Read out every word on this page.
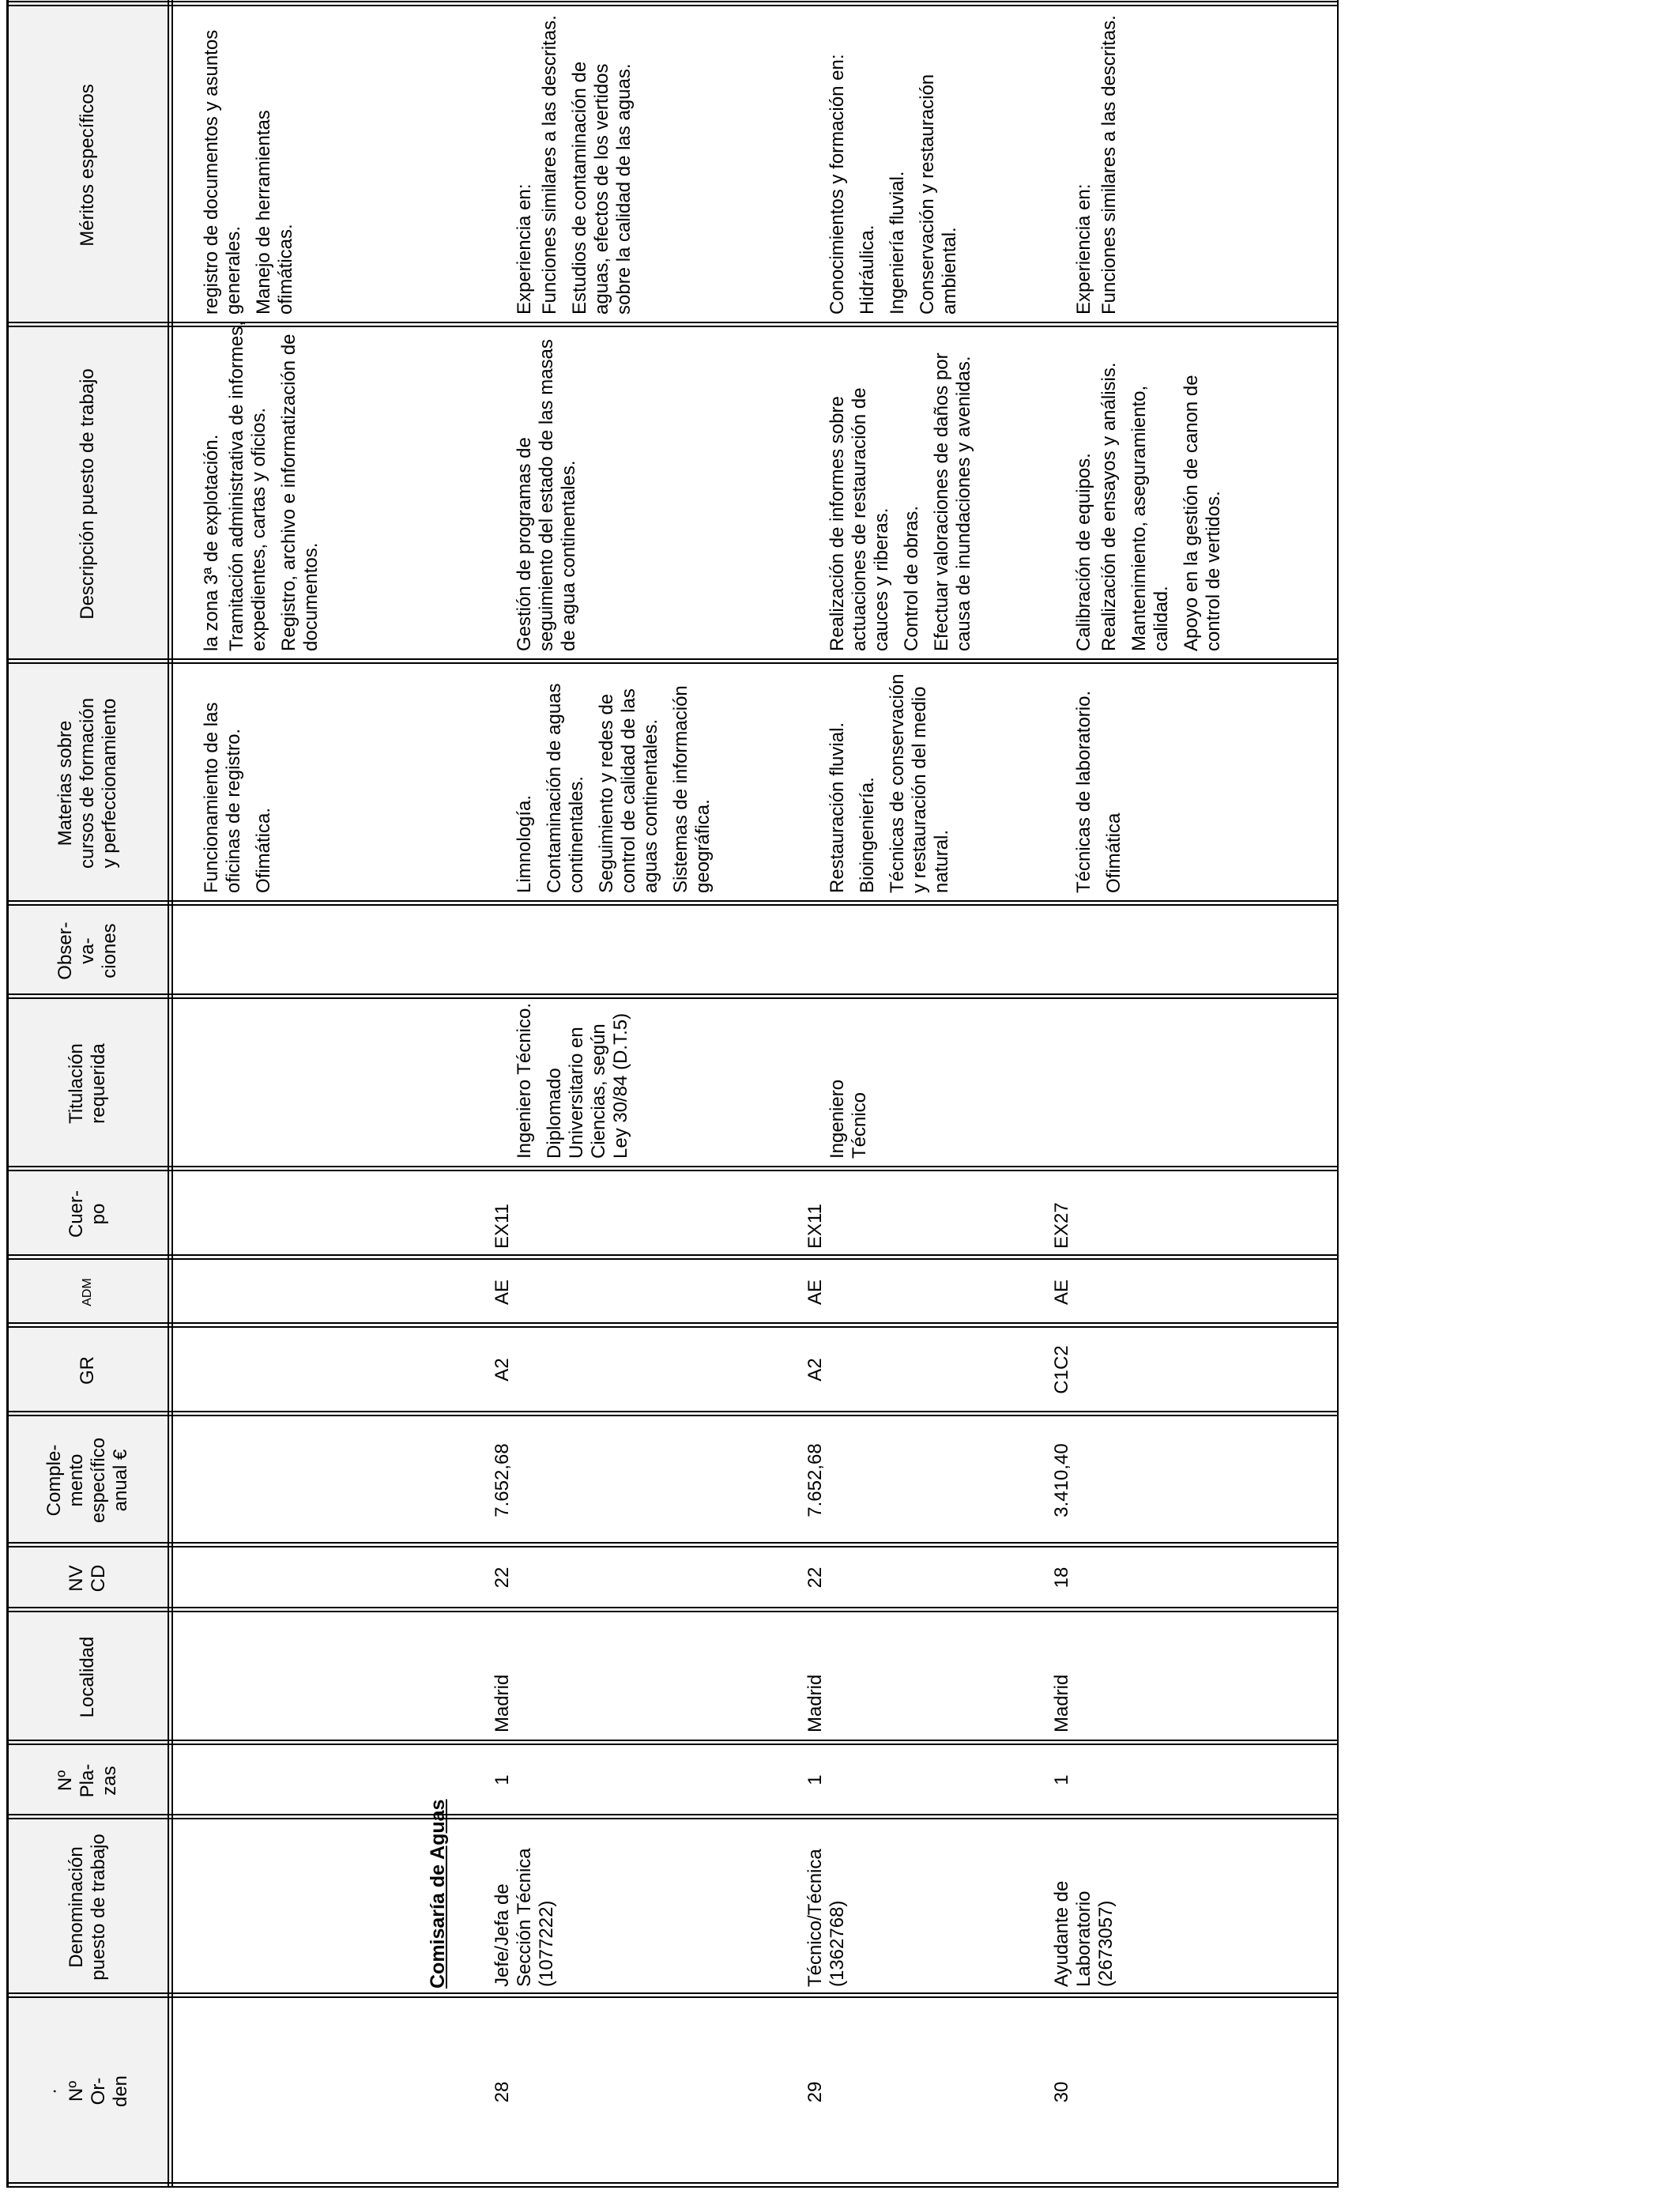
·
Nº
Or-
den
Denominación puesto de trabajo
Nº
Pla-
zas
Localidad
NV
CD
Comple-
mento
específico
anual €
GR
ADM
Cuer-
po
Titulación
requerida
Obser-
va-
ciones
Materias sobre
cursos de formación
y perfeccionamiento
Descripción puesto de trabajo
Méritos específicos

Funcionamiento de las oficinas de registro. Ofimática.

la zona 3ª de explotación. Tramitación administrativa de informes, expedientes, cartas y oficios. Registro, archivo e informatización de documentos.

registro de documentos y asuntos generales. Manejo de herramientas ofimáticas.

Comisaría de Aguas
28
Jefe/Jefa de Sección Técnica (1077222)
1
Madrid
22
7.652,68
A2
AE
EX11

Ingeniero Técnico. Diplomado Universitario en Ciencias, según Ley 30/84 (D.T.5)

Limnología. Contaminación de aguas continentales. Seguimiento y redes de control de calidad de las aguas continentales. Sistemas de información geográfica.

Gestión de programas de seguimiento del estado de las masas de agua continentales.

Experiencia en: Funciones similares a las descritas. Estudios de contaminación de aguas, efectos de los vertidos sobre la calidad de las aguas.

29
Técnico/Técnica (1362768)
1
Madrid
22
7.652,68
A2
AE
EX11

Ingeniero Técnico

Restauración fluvial. Bioingeniería. Técnicas de conservación y restauración del medio natural.

Realización de informes sobre actuaciones de restauración de cauces y riberas. Control de obras. Efectuar valoraciones de daños por causa de inundaciones y avenidas.

Conocimientos y formación en: Hidráulica. Ingeniería fluvial. Conservación y restauración ambiental.

30
Ayudante de Laboratorio (2673057)
1
Madrid
18
3.410,40
C1C2
AE
EX27

Técnicas de laboratorio. Ofimática

Calibración de equipos. Realización de ensayos y análisis. Mantenimiento, aseguramiento, calidad. Apoyo en la gestión de canon de control de vertidos.

Experiencia en: Funciones similares a las descritas.
